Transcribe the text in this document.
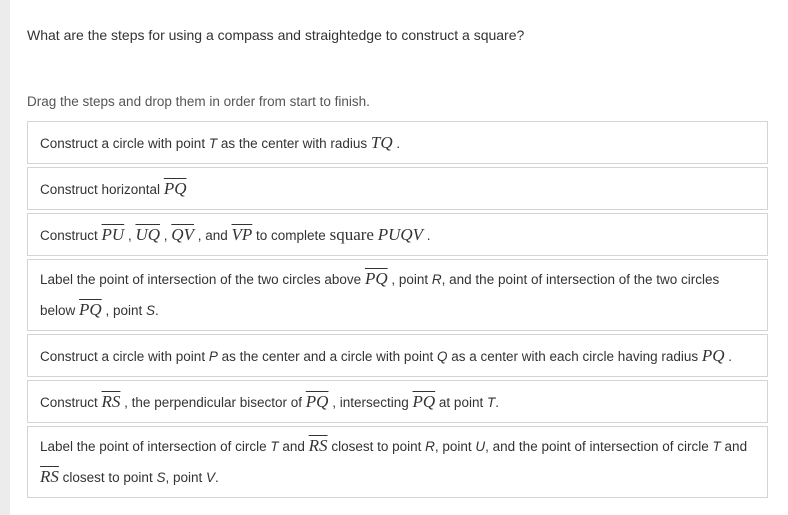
What are the steps for using a compass and straightedge to construct a square?
Drag the steps and drop them in order from start to finish.
Construct a circle with point T as the center with radius TQ .
Construct horizontal $\overline{PQ}$
Construct $\overline{PU}$ , $\overline{UQ}$ , $\overline{QV}$ , and $\overline{VP}$ to complete square PUQV .
Label the point of intersection of the two circles above $\overline{PQ}$ , point R, and the point of intersection of the two circles below $\overline{PQ}$ , point S.
Construct a circle with point P as the center and a circle with point Q as a center with each circle having radius PQ .
Construct $\overline{RS}$ , the perpendicular bisector of $\overline{PQ}$ , intersecting $\overline{PQ}$ at point T.
Label the point of intersection of circle T and $\overline{RS}$ closest to point R, point U, and the point of intersection of circle T and $\overline{RS}$ closest to point S, point V.
